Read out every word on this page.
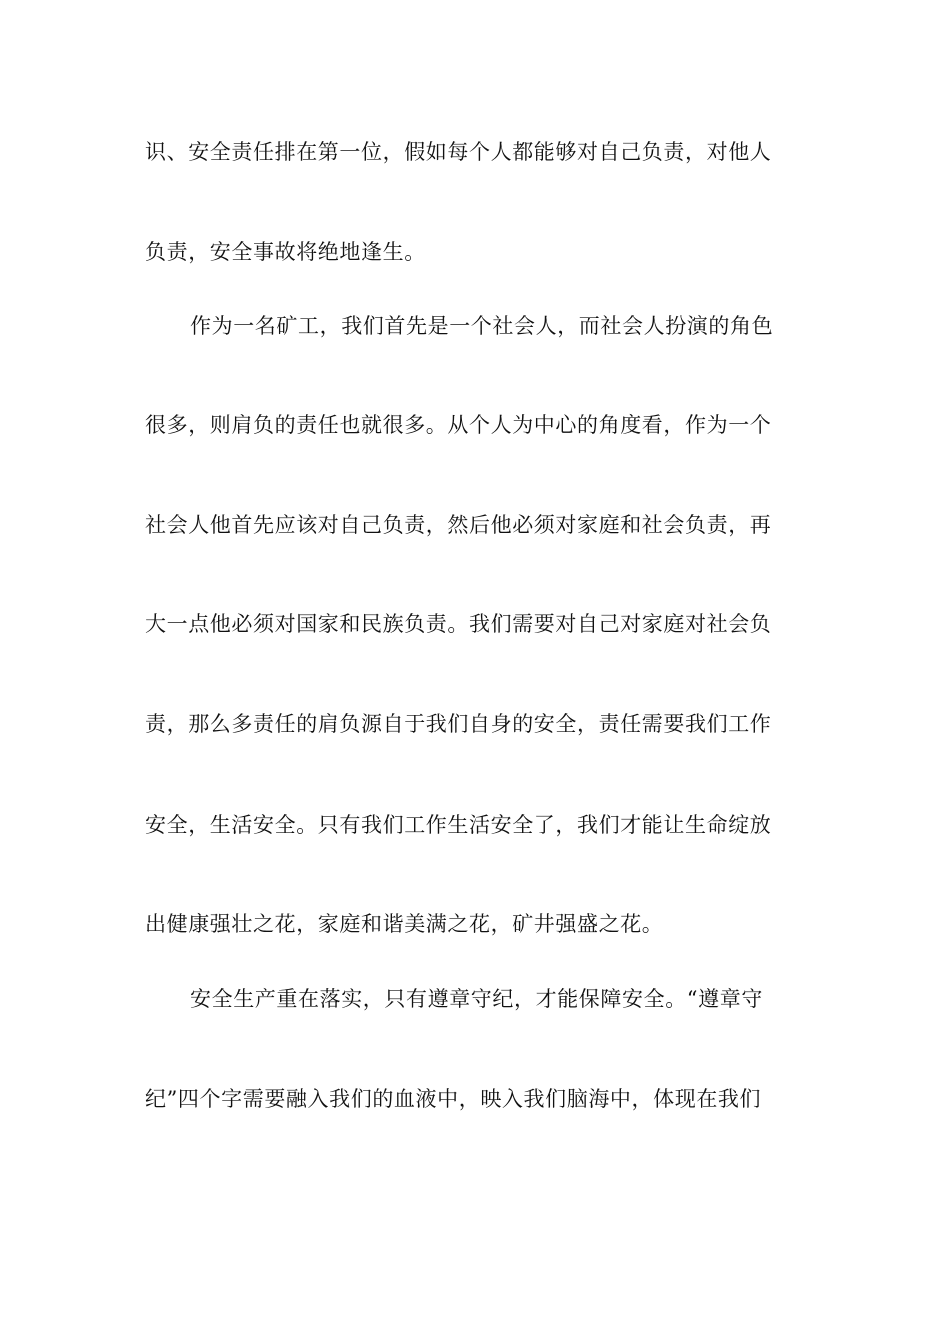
识、安全责任排在第一位，假如每个人都能够对自己负责，对他人
负责，安全事故将绝地逢生。
作为一名矿工，我们首先是一个社会人，而社会人扮演的角色
很多，则肩负的责任也就很多。从个人为中心的角度看，作为一个
社会人他首先应该对自己负责，然后他必须对家庭和社会负责，再
大一点他必须对国家和民族负责。我们需要对自己对家庭对社会负
责，那么多责任的肩负源自于我们自身的安全，责任需要我们工作
安全，生活安全。只有我们工作生活安全了，我们才能让生命绽放
出健康强壮之花，家庭和谐美满之花，矿井强盛之花。
安全生产重在落实，只有遵章守纪，才能保障安全。“遵章守
纪”四个字需要融入我们的血液中，映入我们脑海中，体现在我们
